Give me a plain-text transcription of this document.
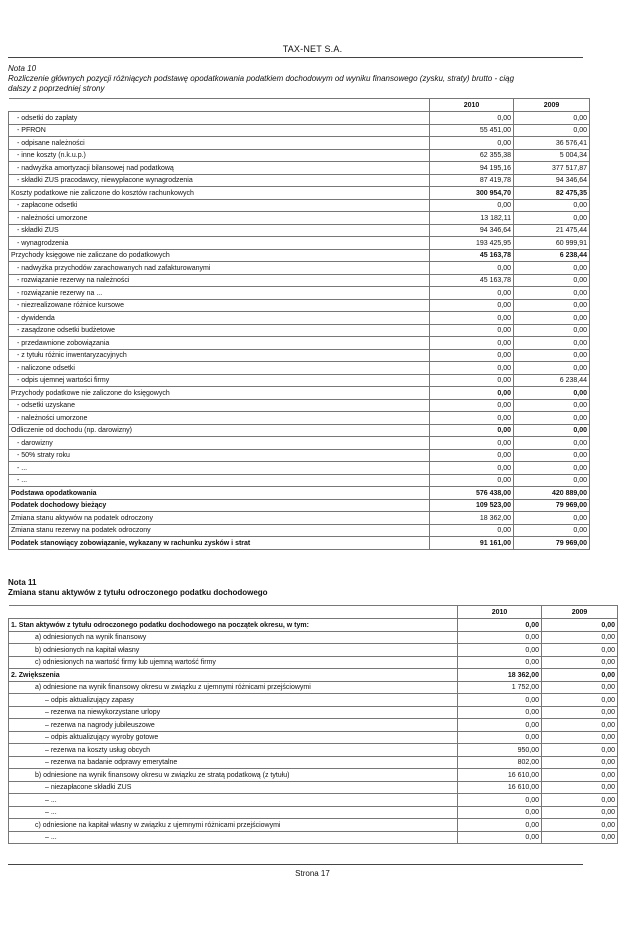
TAX-NET S.A.
Nota 10
Rozliczenie głównych pozycji różniących podstawę opodatkowania podatkiem dochodowym od wyniku finansowego (zysku, straty) brutto - ciąg
dalszy z poprzedniej strony
	2010	2009
- odsetki do zapłaty	0,00	0,00
- PFRON	55 451,00	0,00
- odpisane należności	0,00	36 576,41
- inne koszty (n.k.u.p.)	62 355,38	5 004,34
- nadwyżka amortyzacji bilansowej nad podatkową	94 195,16	377 517,87
- składki ZUS pracodawcy, niewypłacone wynagrodzenia	87 419,78	94 346,64
Koszty podatkowe nie zaliczone do kosztów rachunkowych	300 954,70	82 475,35
- zapłacone odsetki	0,00	0,00
- należności umorzone	13 182,11	0,00
- składki ZUS	94 346,64	21 475,44
- wynagrodzenia	193 425,95	60 999,91
Przychody księgowe nie zaliczane do podatkowych	45 163,78	6 238,44
- nadwyżka przychodów zarachowanych nad zafakturowanymi	0,00	0,00
- rozwiązanie rezerwy na należności	45 163,78	0,00
- rozwiązanie rezerwy na ...	0,00	0,00
- niezrealizowane różnice kursowe	0,00	0,00
- dywidenda	0,00	0,00
- zasądzone odsetki budżetowe	0,00	0,00
- przedawnione zobowiązania	0,00	0,00
- z tytułu różnic inwentaryzacyjnych	0,00	0,00
- naliczone odsetki	0,00	0,00
- odpis ujemnej wartości firmy	0,00	6 238,44
Przychody podatkowe nie zaliczone do księgowych	0,00	0,00
- odsetki uzyskane	0,00	0,00
- należności umorzone	0,00	0,00
Odliczenie od dochodu (np. darowizny)	0,00	0,00
- darowizny	0,00	0,00
- 50% straty roku	0,00	0,00
- ...	0,00	0,00
- ...	0,00	0,00
Podstawa opodatkowania	576 438,00	420 889,00
Podatek dochodowy bieżący	109 523,00	79 969,00
Zmiana stanu aktywów na podatek odroczony	18 362,00	0,00
Zmiana stanu rezerwy na podatek odroczony	0,00	0,00
Podatek stanowiący zobowiązanie, wykazany w rachunku zysków i strat	91 161,00	79 969,00
Nota 11
Zmiana stanu aktywów z tytułu odroczonego podatku dochodowego
	2010	2009
1. Stan aktywów z tytułu odroczonego podatku dochodowego na początek okresu, w tym:	0,00	0,00
a) odniesionych na wynik finansowy	0,00	0,00
b) odniesionych na kapitał własny	0,00	0,00
c) odniesionych na wartość firmy lub ujemną wartość firmy	0,00	0,00
2. Zwiększenia	18 362,00	0,00
a) odniesione na wynik finansowy okresu w związku z ujemnymi różnicami przejściowymi	1 752,00	0,00
– odpis aktualizujący zapasy	0,00	0,00
– rezerwa na niewykorzystane urlopy	0,00	0,00
– rezerwa na nagrody jubileuszowe	0,00	0,00
– odpis aktualizujący wyroby gotowe	0,00	0,00
– rezerwa na koszty usług obcych	950,00	0,00
– rezerwa na badanie odprawy emerytalne	802,00	0,00
b) odniesione na wynik finansowy okresu w związku ze stratą podatkową (z tytułu)	16 610,00	0,00
– niezapłacone składki ZUS	16 610,00	0,00
– ...	0,00	0,00
– ...	0,00	0,00
c) odniesione na kapitał własny w związku z ujemnymi różnicami przejściowymi	0,00	0,00
– ...	0,00	0,00
Strona 17
